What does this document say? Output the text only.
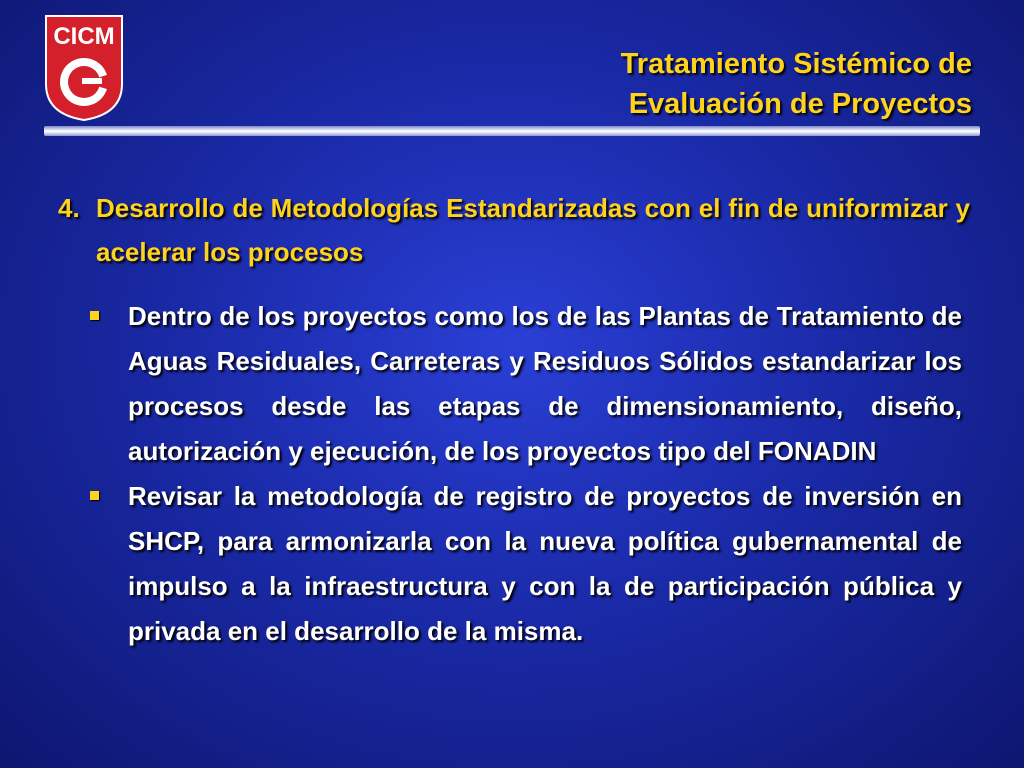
CICM
Tratamiento Sistémico de
Evaluación de Proyectos
4. Desarrollo de Metodologías Estandarizadas con el fin de uniformizar y acelerar los procesos
Dentro de los proyectos como los de las Plantas de Tratamiento de Aguas Residuales, Carreteras y Residuos Sólidos estandarizar los procesos desde las etapas de dimensionamiento, diseño, autorización y ejecución, de los proyectos tipo del FONADIN
Revisar la metodología de registro de proyectos de inversión en SHCP, para armonizarla con la nueva política gubernamental de impulso a la infraestructura y con la de participación pública y privada en el desarrollo de la misma.
